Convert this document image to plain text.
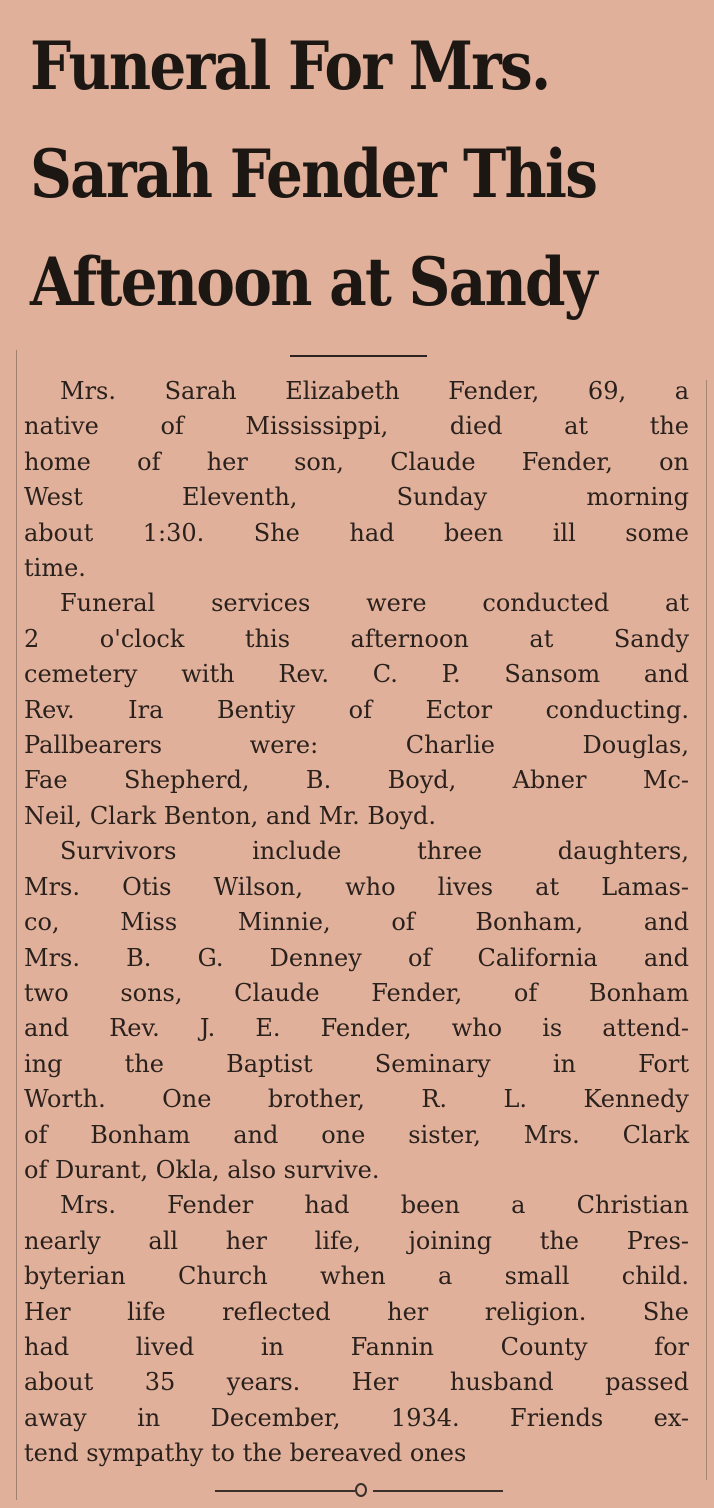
Funeral For Mrs.
Sarah Fender This
Aftenoon at Sandy

Mrs. Sarah Elizabeth Fender, 69, a
native of Mississippi, died at the
home of her son, Claude Fender, on
West Eleventh, Sunday morning
about 1:30. She had been ill some
time.

Funeral services were conducted at
2 o'clock this afternoon at Sandy
cemetery with Rev. C. P. Sansom and
Rev. Ira Bentiy of Ector conducting.
Pallbearers were: Charlie Douglas,
Fae Shepherd, B. Boyd, Abner Mc-
Neil, Clark Benton, and Mr. Boyd.

Survivors include three daughters,
Mrs. Otis Wilson, who lives at Lamas-
co, Miss Minnie, of Bonham, and
Mrs. B. G. Denney of California and
two sons, Claude Fender, of Bonham
and Rev. J. E. Fender, who is attend-
ing the Baptist Seminary in Fort
Worth. One brother, R. L. Kennedy
of Bonham and one sister, Mrs. Clark
of Durant, Okla, also survive.

Mrs. Fender had been a Christian
nearly all her life, joining the Pres-
byterian Church when a small child.
Her life reflected her religion. She
had lived in Fannin County for
about 35 years. Her husband passed
away in December, 1934. Friends ex-
tend sympathy to the bereaved ones
